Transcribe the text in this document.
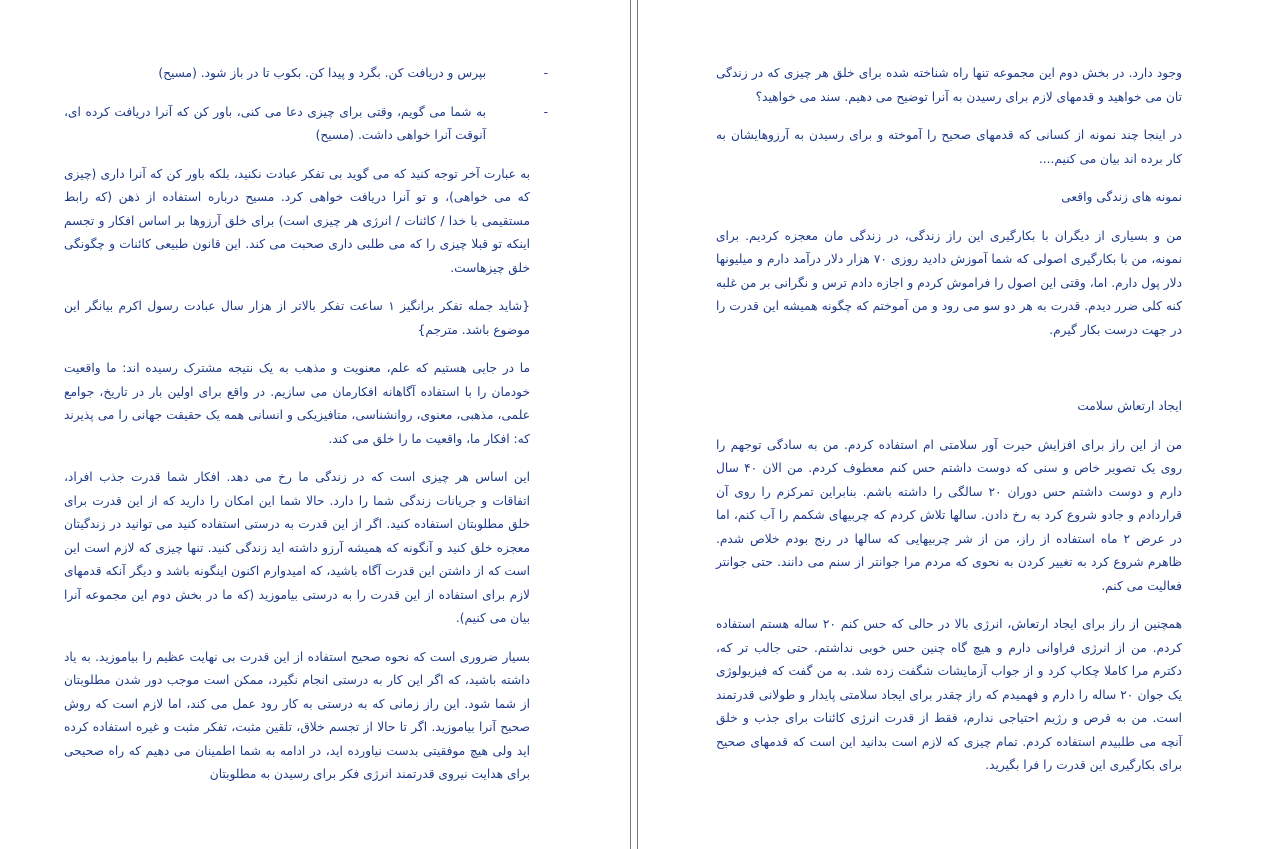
-
بپرس و دریافت کن. بگرد و پیدا کن. بکوب تا در باز شود. (مسیح)
-
به شما می گویم، وقتی برای چیزی دعا می کنی، باور کن که آنرا دریافت کرده ای، آنوقت آنرا خواهی داشت. (مسیح)

به عبارت آخر توجه کنید که می گوید بی تفکر عبادت نکنید، بلکه باور کن که آنرا داری (چیزی که می خواهی)، و تو آنرا دریافت خواهی کرد. مسیح درباره استفاده از ذهن (که رابط مستقیمی با خدا / کائنات / انرژی هر چیزی است) برای خلق آرزوها بر اساس افکار و تجسم اینکه تو قبلا چیزی را که می طلبی داری صحبت می کند. این قانون طبیعی کائنات و چگونگی خلق چیزهاست.

{شاید جمله تفکر برانگیز ۱ ساعت تفکر بالاتر از هزار سال عبادت رسول اکرم بیانگر این موضوع باشد. مترجم}

ما در جایی هستیم که علم، معنویت و مذهب به یک نتیجه مشترک رسیده اند: ما واقعیت خودمان را با استفاده آگاهانه افکارمان می سازیم. در واقع برای اولین بار در تاریخ، جوامع علمی، مذهبی، معنوی، روانشناسی، متافیزیکی و انسانی همه یک حقیقت جهانی را می پذیرند که: افکار ما، واقعیت ما را خلق می کند.

این اساس هر چیزی است که در زندگی ما رخ می دهد. افکار شما قدرت جذب افراد، اتفاقات و جریانات زندگی شما را دارد. حالا شما این امکان را دارید که از این قدرت برای خلق مطلوبتان استفاده کنید. اگر از این قدرت به درستی استفاده کنید می توانید در زندگیتان معجزه خلق کنید و آنگونه که همیشه آرزو داشته اید زندگی کنید. تنها چیزی که لازم است این است که از داشتن این قدرت آگاه باشید، که امیدوارم اکنون اینگونه باشد و دیگر آنکه قدمهای لازم برای استفاده از این قدرت را به درستی بیاموزید (که ما در بخش دوم این مجموعه آنرا بیان می کنیم).

بسیار ضروری است که نحوه صحیح استفاده از این قدرت بی نهایت عظیم را بیاموزید. به یاد داشته باشید، که اگر این کار به درستی انجام نگیرد، ممکن است موجب دور شدن مطلوبتان از شما شود. این راز زمانی که به درستی به کار رود عمل می کند، اما لازم است که روش صحیح آنرا بیاموزید. اگر تا حالا از تجسم خلاق، تلقین مثبت، تفکر مثبت و غیره استفاده کرده اید ولی هیچ موفقیتی بدست نیاورده اید، در ادامه به شما اطمینان می دهیم که راه صحیحی برای هدایت نیروی قدرتمند انرژی فکر برای رسیدن به مطلوبتان

وجود دارد. در بخش دوم این مجموعه تنها راه شناخته شده برای خلق هر چیزی که در زندگی تان می خواهید و قدمهای لازم برای رسیدن به آنرا توضیح می دهیم. سند می خواهید؟

در اینجا چند نمونه از کسانی که قدمهای صحیح را آموخته و برای رسیدن به آرزوهایشان به کار برده اند بیان می کنیم....

نمونه های زندگی واقعی

من و بسیاری از دیگران با بکارگیری این راز زندگی، در زندگی مان معجزه کردیم. برای نمونه، من با بکارگیری اصولی که شما آموزش دادید روزی ۷۰ هزار دلار درآمد دارم و میلیونها دلار پول دارم. اما، وقتی این اصول را فراموش کردم و اجازه دادم ترس و نگرانی بر من غلبه کنه کلی ضرر دیدم. قدرت به هر دو سو می رود و من آموختم که چگونه همیشه این قدرت را در جهت درست بکار گیرم.

ایجاد ارتعاش سلامت

من از این راز برای افزایش حیرت آور سلامتی ام استفاده کردم. من به سادگی توجهم را روی یک تصویر خاص و سنی که دوست داشتم حس کنم معطوف کردم. من الان ۴۰ سال دارم و دوست داشتم حس دوران ۲۰ سالگی را داشته باشم. بنابراین تمرکزم را روی آن قراردادم و جادو شروع کرد به رخ دادن. سالها تلاش کردم که چربیهای شکمم را آب کنم، اما در عرض ۲ ماه استفاده از راز، من از شر چربیهایی که سالها در رنج بودم خلاص شدم. ظاهرم شروع کرد به تغییر کردن به نحوی که مردم مرا جوانتر از سنم می دانند. حتی جوانتر فعالیت می کنم.

همچنین از راز برای ایجاد ارتعاش، انرژی بالا در حالی که حس کنم ۲۰ ساله هستم استفاده کردم. من از انرژی فراوانی دارم و هیچ گاه چنین حس خوبی نداشتم. حتی جالب تر که، دکترم مرا کاملا چکاپ کرد و از جواب آزمایشات شگفت زده شد. به من گفت که فیزیولوژی یک جوان ۲۰ ساله را دارم و فهمیدم که راز چقدر برای ایجاد سلامتی پایدار و طولانی قدرتمند است. من به قرص و رژیم احتیاجی ندارم، فقط از قدرت انرژی کائنات برای جذب و خلق آنچه می طلبیدم استفاده کردم. تمام چیزی که لازم است بدانید این است که قدمهای صحیح برای بکارگیری این قدرت را فرا بگیرید.
